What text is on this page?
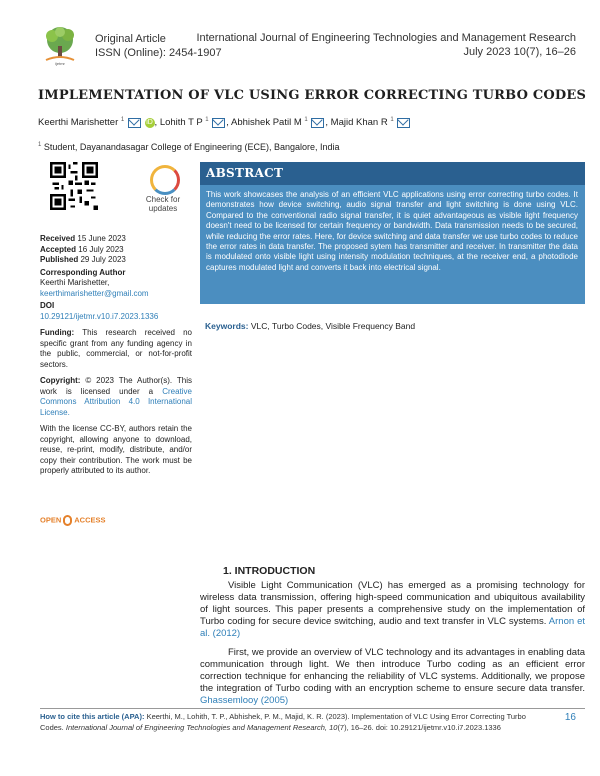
ijetmr
Original Article
ISSN (Online): 2454-1907
International Journal of Engineering Technologies and Management Research
July 2023 10(7), 16–26
IMPLEMENTATION OF VLC USING ERROR CORRECTING TURBO CODES
Keerthi Marishetter $^1$	iD , Lohith T P $^1$ , Abhishek Patil M $^1$ , Majid Khan R $^1$
$^1$ Student, Dayanandasagar College of Engineering (ECE), Bangalore, India
Check for
updates

Received 15 June 2023
Accepted 16 July 2023
Published 29 July 2023

Corresponding Author
Keerthi Marishetter,
keerthimarishetter@gmail.com

DOI
10.29121/ijetmr.v10.i7.2023.1336

Funding: This research received no specific grant from any funding agency in the public, commercial, or not-for-profit sectors.

Copyright: © 2023 The Author(s). This work is licensed under a Creative Commons Attribution 4.0 International License.

With the license CC-BY, authors retain the copyright, allowing anyone to download, reuse, re-print, modify, distribute, and/or copy their contribution. The work must be properly attributed to its author.

OPEN ACCESS
ABSTRACT
This work showcases the analysis of an efficient VLC applications using error correcting turbo codes. It demonstrates how device switching, audio signal transfer and light switching is done using VLC. Compared to the conventional radio signal transfer, it is quiet advantageous as visible light frequency doesn't need to be licensed for certain frequency or bandwidth. Data transmission needs to be secured, while reducing the error rates. Here, for device switching and data transfer we use turbo codes to reduce the error rates in data transfer. The proposed sytem has transmitter and receiver. In transmitter the data is modulated onto visible light using intensity modulation techniques, at the receiver end, a photodiode captures modulated light and converts it back into electrical signal.
Keywords: VLC, Turbo Codes, Visible Frequency Band
1. INTRODUCTION
Visible Light Communication (VLC) has emerged as a promising technology for wireless data transmission, offering high-speed communication and ubiquitous availability of light sources. This paper presents a comprehensive study on the implementation of Turbo coding for secure device switching, audio and text transfer in VLC systems. Arnon et al. (2012)
First, we provide an overview of VLC technology and its advantages in enabling data communication through light. We then introduce Turbo coding as an efficient error correction technique for enhancing the reliability of VLC systems. Additionally, we propose the integration of Turbo coding with an encryption scheme to ensure secure data transfer. Ghassemlooy (2005)
How to cite this article (APA): Keerthi, M., Lohith, T. P., Abhishek, P. M., Majid, K. R. (2023). Implementation of VLC Using Error Correcting Turbo Codes. International Journal of Engineering Technologies and Management Research, 10(7), 16–26. doi: 10.29121/ijetmr.v10.i7.2023.1336
16
